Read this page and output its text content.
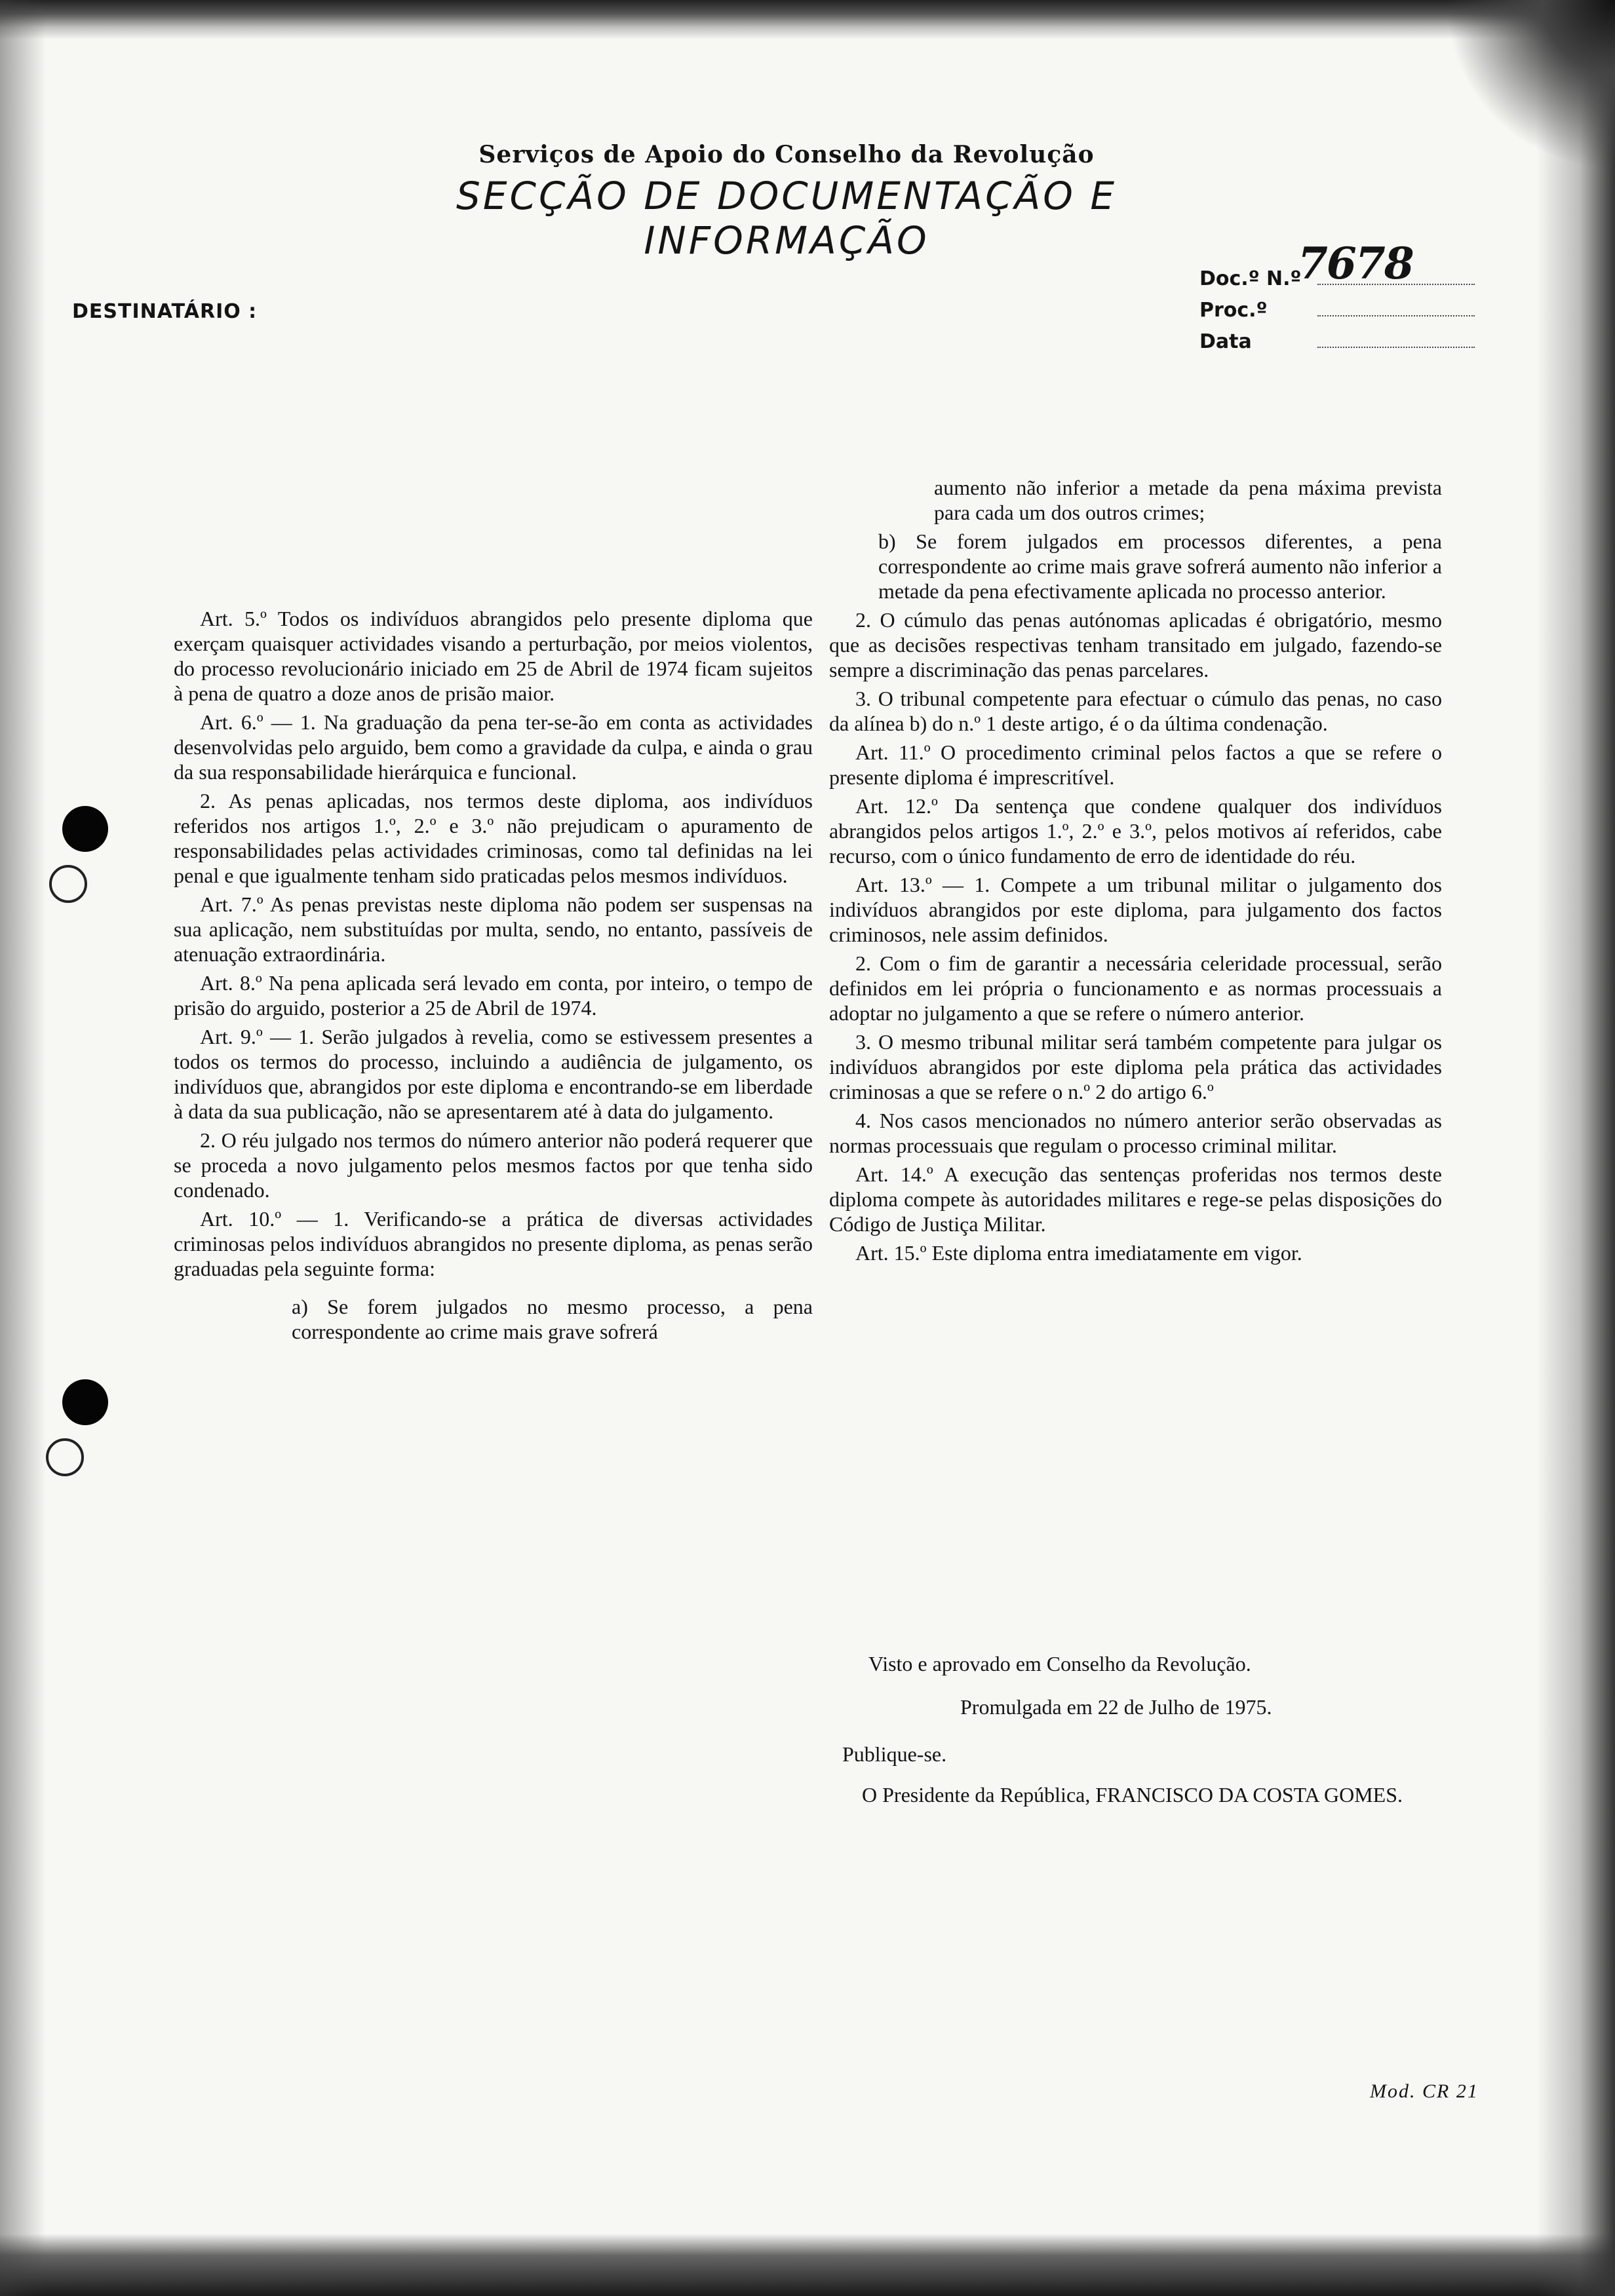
Serviços de Apoio do Conselho da Revolução
SECÇÃO DE DOCUMENTAÇÃO E INFORMAÇÃO
DESTINATÁRIO :
Doc.º N.º
7678
Proc.º
Data

Art. 5.º Todos os indivíduos abrangidos pelo presente diploma que exerçam quaisquer actividades visando a perturbação, por meios violentos, do processo revolucionário iniciado em 25 de Abril de 1974 ficam sujeitos à pena de quatro a doze anos de prisão maior.

Art. 6.º — 1. Na graduação da pena ter-se-ão em conta as actividades desenvolvidas pelo arguido, bem como a gravidade da culpa, e ainda o grau da sua responsabilidade hierárquica e funcional.

2. As penas aplicadas, nos termos deste diploma, aos indivíduos referidos nos artigos 1.º, 2.º e 3.º não prejudicam o apuramento de responsabilidades pelas actividades criminosas, como tal definidas na lei penal e que igualmente tenham sido praticadas pelos mesmos indivíduos.

Art. 7.º As penas previstas neste diploma não podem ser suspensas na sua aplicação, nem substituídas por multa, sendo, no entanto, passíveis de atenuação extraordinária.

Art. 8.º Na pena aplicada será levado em conta, por inteiro, o tempo de prisão do arguido, posterior a 25 de Abril de 1974.

Art. 9.º — 1. Serão julgados à revelia, como se estivessem presentes a todos os termos do processo, incluindo a audiência de julgamento, os indivíduos que, abrangidos por este diploma e encontrando-se em liberdade à data da sua publicação, não se apresentarem até à data do julgamento.

2. O réu julgado nos termos do número anterior não poderá requerer que se proceda a novo julgamento pelos mesmos factos por que tenha sido condenado.

Art. 10.º — 1. Verificando-se a prática de diversas actividades criminosas pelos indivíduos abrangidos no presente diploma, as penas serão graduadas pela seguinte forma:

a) Se forem julgados no mesmo processo, a pena correspondente ao crime mais grave sofrerá

aumento não inferior a metade da pena máxima prevista para cada um dos outros crimes;

b) Se forem julgados em processos diferentes, a pena correspondente ao crime mais grave sofrerá aumento não inferior a metade da pena efectivamente aplicada no processo anterior.

2. O cúmulo das penas autónomas aplicadas é obrigatório, mesmo que as decisões respectivas tenham transitado em julgado, fazendo-se sempre a discriminação das penas parcelares.

3. O tribunal competente para efectuar o cúmulo das penas, no caso da alínea b) do n.º 1 deste artigo, é o da última condenação.

Art. 11.º O procedimento criminal pelos factos a que se refere o presente diploma é imprescritível.

Art. 12.º Da sentença que condene qualquer dos indivíduos abrangidos pelos artigos 1.º, 2.º e 3.º, pelos motivos aí referidos, cabe recurso, com o único fundamento de erro de identidade do réu.

Art. 13.º — 1. Compete a um tribunal militar o julgamento dos indivíduos abrangidos por este diploma, para julgamento dos factos criminosos, nele assim definidos.

2. Com o fim de garantir a necessária celeridade processual, serão definidos em lei própria o funcionamento e as normas processuais a adoptar no julgamento a que se refere o número anterior.

3. O mesmo tribunal militar será também competente para julgar os indivíduos abrangidos por este diploma pela prática das actividades criminosas a que se refere o n.º 2 do artigo 6.º

4. Nos casos mencionados no número anterior serão observadas as normas processuais que regulam o processo criminal militar.

Art. 14.º A execução das sentenças proferidas nos termos deste diploma compete às autoridades militares e rege-se pelas disposições do Código de Justiça Militar.

Art. 15.º Este diploma entra imediatamente em vigor.

Visto e aprovado em Conselho da Revolução.

Promulgada em 22 de Julho de 1975.

Publique-se.

O Presidente da República, FRANCISCO DA COSTA GOMES.

Mod. CR 21
